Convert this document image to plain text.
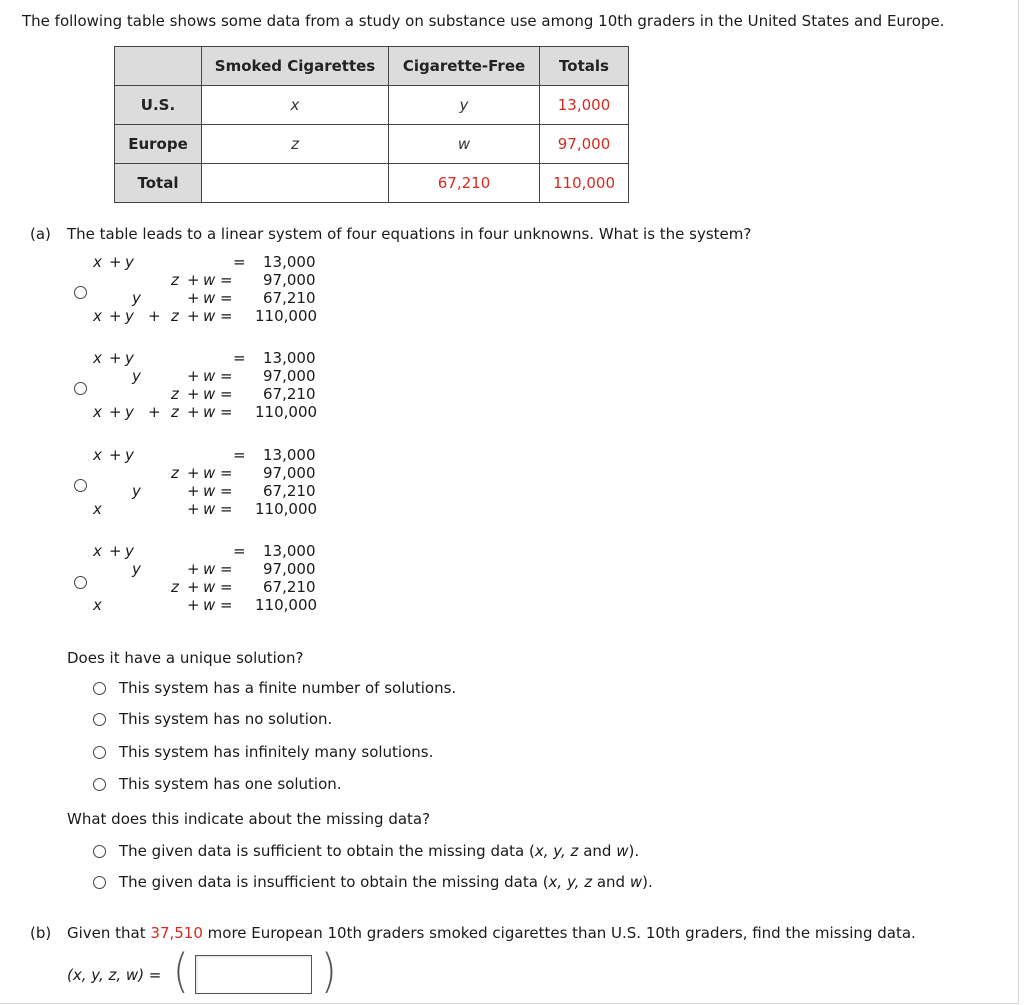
The following table shows some data from a study on substance use among 10th graders in the United States and Europe.
	Smoked Cigarettes	Cigarette-Free	Totals
U.S.	x	y	13,000
Europe	z	w	97,000
Total		67,210	110,000
(a) The table leads to a linear system of four equations in four unknowns. What is the system?
x + y	= 13,000
z + w = 97,000
y	+ w = 67,210
x + y + z + w = 110,000
x + y	= 13,000
y	+ w = 97,000
z + w = 67,210
x + y + z + w = 110,000
x + y	= 13,000
z + w = 97,000
y	+ w = 67,210
x	+ w = 110,000
x + y	= 13,000
y	+ w = 97,000
z + w = 67,210
x	+ w = 110,000
Does it have a unique solution?
This system has a finite number of solutions.
This system has no solution.
This system has infinitely many solutions.
This system has one solution.
What does this indicate about the missing data?
The given data is sufficient to obtain the missing data (x, y, z and w).
The given data is insufficient to obtain the missing data (x, y, z and w).
(b) Given that 37,510 more European 10th graders smoked cigarettes than U.S. 10th graders, find the missing data.
(x, y, z, w) = (	)
